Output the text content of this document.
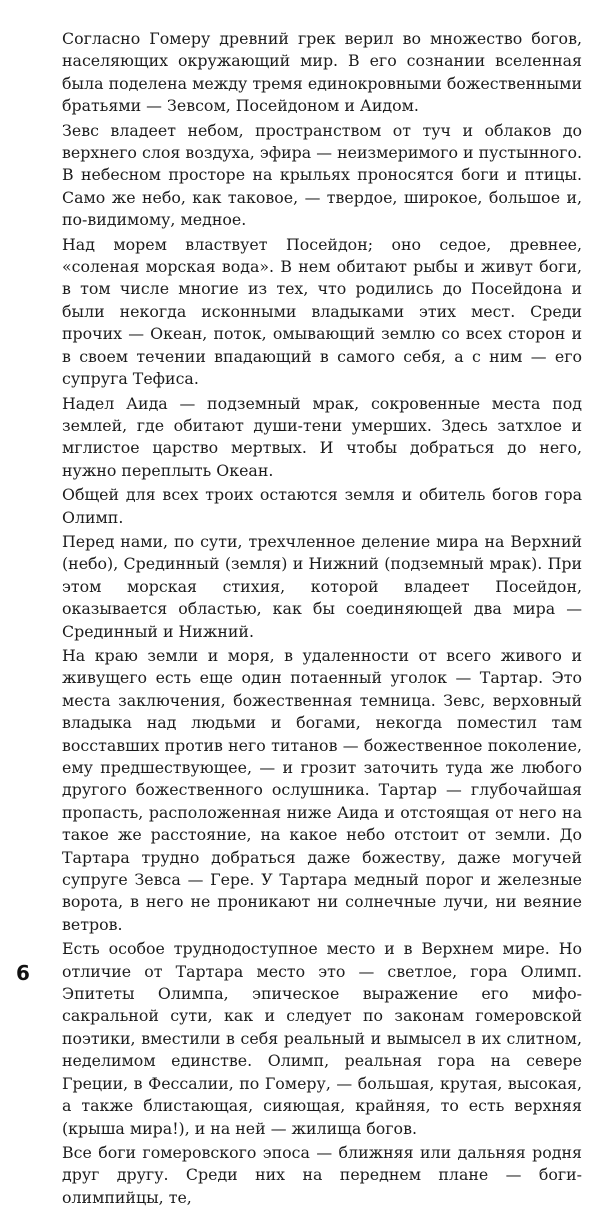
Согласно Гомеру древний грек верил во множество богов, населяющих окружающий мир. В его сознании вселенная была поделена между тремя единокровными божественными братьями — Зевсом, Посейдоном и Аидом.

Зевс владеет небом, пространством от туч и облаков до верхнего слоя воздуха, эфира — неизмеримого и пустынного. В небесном просторе на крыльях проносятся боги и птицы. Само же небо, как таковое, — твердое, широкое, большое и, по-видимому, медное.

Над морем властвует Посейдон; оно седое, древнее, «соленая морская вода». В нем обитают рыбы и живут боги, в том числе многие из тех, что родились до Посейдона и были некогда исконными владыками этих мест. Среди прочих — Океан, поток, омывающий землю со всех сторон и в своем течении впадающий в самого себя, а с ним — его супруга Тефиса.

Надел Аида — подземный мрак, сокровенные места под землей, где обитают души-тени умерших. Здесь затхлое и мглистое царство мертвых. И чтобы добраться до него, нужно переплыть Океан.

Общей для всех троих остаются земля и обитель богов гора Олимп.

Перед нами, по сути, трехчленное деление мира на Верхний (небо), Срединный (земля) и Нижний (подземный мрак). При этом морская стихия, которой владеет Посейдон, оказывается областью, как бы соединяющей два мира — Срединный и Нижний.

На краю земли и моря, в удаленности от всего живого и живущего есть еще один потаенный уголок — Тартар. Это места заключения, божественная темница. Зевс, верховный владыка над людьми и богами, некогда поместил там восставших против него титанов — божественное поколение, ему предшествующее, — и грозит заточить туда же любого другого божественного ослушника. Тартар — глубочайшая пропасть, расположенная ниже Аида и отстоящая от него на такое же расстояние, на какое небо отстоит от земли. До Тартара трудно добраться даже божеству, даже могучей супруге Зевса — Гере. У Тартара медный порог и железные ворота, в него не проникают ни солнечные лучи, ни веяние ветров.

Есть особое труднодоступное место и в Верхнем мире. Но отличие от Тартара место это — светлое, гора Олимп. Эпитеты Олимпа, эпическое выражение его мифо-сакральной сути, как и следует по законам гомеровской поэтики, вместили в себя реальный и вымысел в их слитном, неделимом единстве. Олимп, реальная гора на севере Греции, в Фессалии, по Гомеру, — большая, крутая, высокая, а также блистающая, сияющая, крайняя, то есть верхняя (крыша мира!), и на ней — жилища богов.

Все боги гомеровского эпоса — ближняя или дальняя родня друг другу. Среди них на переднем плане — боги-олимпийцы, те,

6
